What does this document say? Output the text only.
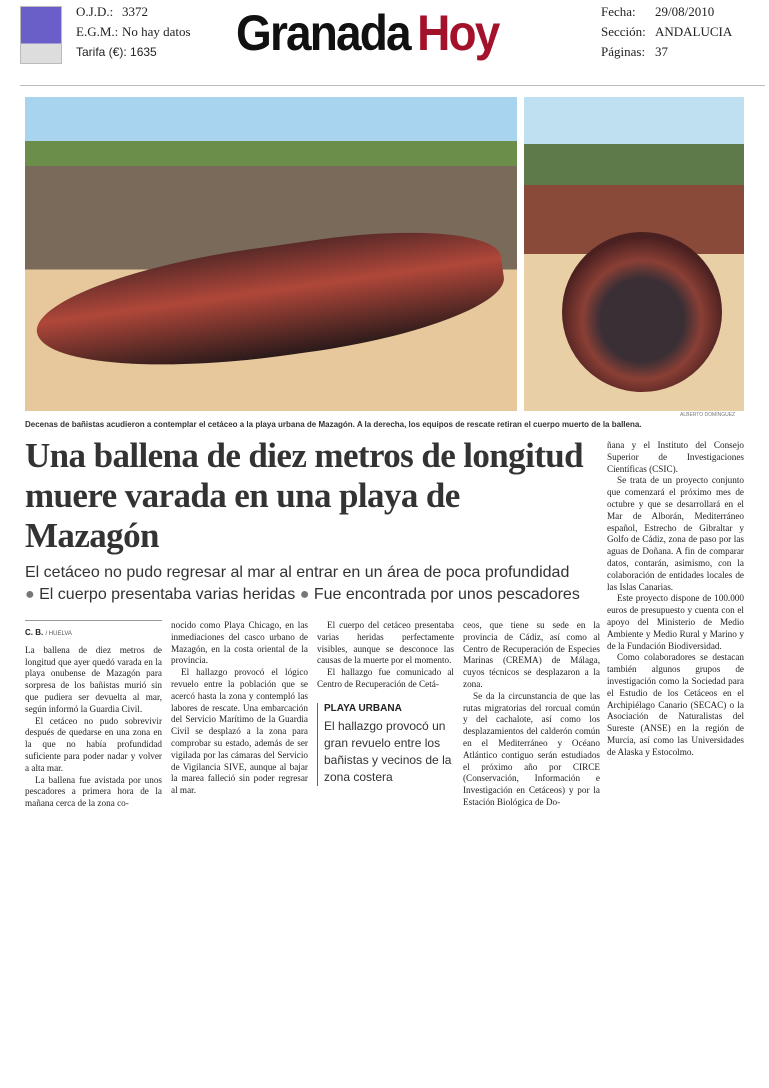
O.J.D.: 3372
E.G.M.: No hay datos
Tarifa (€): 1635	Granada Hoy	Fecha: 29/08/2010
Sección: ANDALUCIA
Páginas: 37
ALBERTO DOMÍNGUEZ
Decenas de bañistas acudieron a contemplar el cetáceo a la playa urbana de Mazagón. A la derecha, los equipos de rescate retiran el cuerpo muerto de la ballena.
Una ballena de diez metros de longitud muere varada en una playa de Mazagón
El cetáceo no pudo regresar al mar al entrar en un área de poca profundidad
● El cuerpo presentaba varias heridas ● Fue encontrada por unos pescadores
C. B. / HUELVA

La ballena de diez metros de longitud que ayer quedó varada en la playa onubense de Mazagón para sorpresa de los bañistas murió sin que pudiera ser devuelta al mar, según informó la Guardia Civil.

El cetáceo no pudo sobrevivir después de quedarse en una zona en la que no había profundidad suficiente para poder nadar y volver a alta mar.

La ballena fue avistada por unos pescadores a primera hora de la mañana cerca de la zona co-

nocido como Playa Chicago, en las inmediaciones del casco urbano de Mazagón, en la costa oriental de la provincia.

El hallazgo provocó el lógico revuelo entre la población que se acercó hasta la zona y contempló las labores de rescate. Una embarcación del Servicio Marítimo de la Guardia Civil se desplazó a la zona para comprobar su estado, además de ser vigilada por las cámaras del Servicio de Vigilancia SIVE, aunque al bajar la marea falleció sin poder regresar al mar.

El cuerpo del cetáceo presentaba varias heridas perfectamente visibles, aunque se desconoce las causas de la muerte por el momento.

El hallazgo fue comunicado al Centro de Recuperación de Cetá-

PLAYA URBANA

El hallazgo provocó un gran revuelo entre los bañistas y vecinos de la zona costera

ceos, que tiene su sede en la provincia de Cádiz, así como al Centro de Recuperación de Especies Marinas (CREMA) de Málaga, cuyos técnicos se desplazaron a la zona.

Se da la circunstancia de que las rutas migratorias del rorcual común y del cachalote, así como los desplazamientos del calderón común en el Mediterráneo y Océano Atlántico contiguo serán estudiados el próximo año por CIRCE (Conservación, Información e Investigación en Cetáceos) y por la Estación Biológica de Do-

ñana y el Instituto del Consejo Superior de Investigaciones Científicas (CSIC).

Se trata de un proyecto conjunto que comenzará el próximo mes de octubre y que se desarrollará en el Mar de Alborán, Mediterráneo español, Estrecho de Gibraltar y Golfo de Cádiz, zona de paso por las aguas de Doñana. A fin de comparar datos, contarán, asimismo, con la colaboración de entidades locales de las Islas Canarias.

Este proyecto dispone de 100.000 euros de presupuesto y cuenta con el apoyo del Ministerio de Medio Ambiente y Medio Rural y Marino y de la Fundación Biodiversidad.

Como colaboradores se destacan también algunos grupos de investigación como la Sociedad para el Estudio de los Cetáceos en el Archipiélago Canario (SECAC) o la Asociación de Naturalistas del Sureste (ANSE) en la región de Murcia, así como las Universidades de Alaska y Estocolmo.
